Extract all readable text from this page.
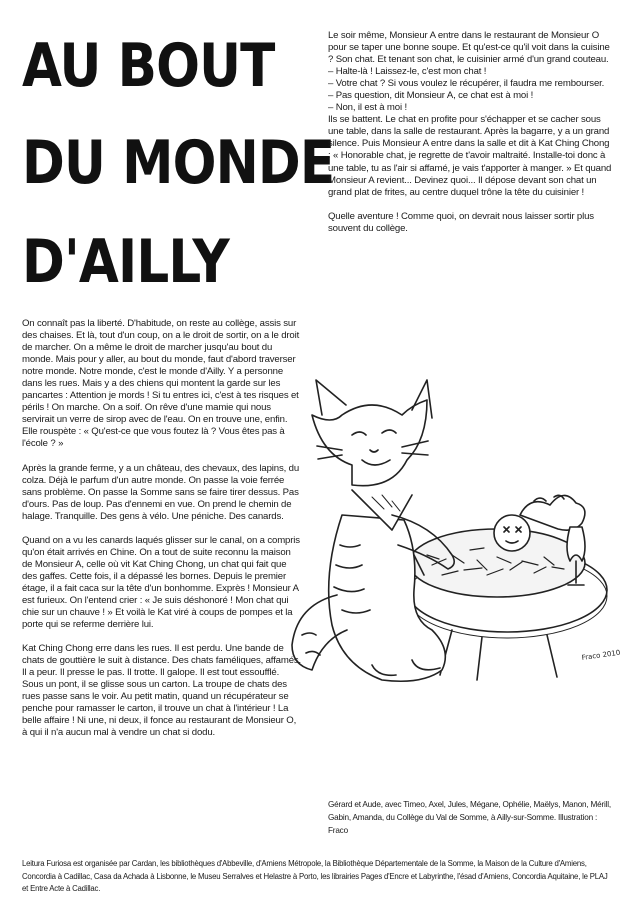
AU BOUT
DU MONDE
D'AILLY

Le soir même, Monsieur A entre dans le restaurant de Monsieur O pour se taper une bonne soupe. Et qu'est-ce qu'il voit dans la cuisine ? Son chat. Et tenant son chat, le cuisinier armé d'un grand couteau.
– Halte-là ! Laissez-le, c'est mon chat !
– Votre chat ? Si vous voulez le récupérer, il faudra me rembourser.
– Pas question, dit Monsieur A, ce chat est à moi !
– Non, il est à moi !
Ils se battent. Le chat en profite pour s'échapper et se cacher sous une table, dans la salle de restaurant. Après la bagarre, y a un grand silence. Puis Monsieur A entre dans la salle et dit à Kat Ching Chong : « Honorable chat, je regrette de t'avoir maltraité. Installe-toi donc à une table, tu as l'air si affamé, je vais t'apporter à manger. » Et quand Monsieur A revient... Devinez quoi... Il dépose devant son chat un grand plat de frites, au centre duquel trône la tête du cuisinier !

Quelle aventure ! Comme quoi, on devrait nous laisser sortir plus souvent du collège.

On connaît pas la liberté. D'habitude, on reste au collège, assis sur des chaises. Et là, tout d'un coup, on a le droit de sortir, on a le droit de marcher. On a même le droit de marcher jusqu'au bout du monde. Mais pour y aller, au bout du monde, faut d'abord traverser notre monde. Notre monde, c'est le monde d'Ailly. Y a personne dans les rues. Mais y a des chiens qui montent la garde sur les pancartes : Attention je mords ! Si tu entres ici, c'est à tes risques et périls ! On marche. On a soif. On rêve d'une mamie qui nous servirait un verre de sirop avec de l'eau. On en trouve une, enfin. Elle rouspète : « Qu'est-ce que vous foutez là ? Vous êtes pas à l'école ? »

Après la grande ferme, y a un château, des chevaux, des lapins, du colza. Déjà le parfum d'un autre monde. On passe la voie ferrée sans problème. On passe la Somme sans se faire tirer dessus. Pas d'ours. Pas de loup. Pas d'ennemi en vue. On prend le chemin de halage. Tranquille. Des gens à vélo. Une péniche. Des canards.

Quand on a vu les canards laqués glisser sur le canal, on a compris qu'on était arrivés en Chine. On a tout de suite reconnu la maison de Monsieur A, celle où vit Kat Ching Chong, un chat qui fait que des gaffes. Cette fois, il a dépassé les bornes. Depuis le premier étage, il a fait caca sur la tête d'un bonhomme. Exprès ! Monsieur A est furieux. On l'entend crier : « Je suis déshonoré ! Mon chat qui chie sur un chauve ! » Et voilà le Kat viré à coups de pompes et la porte qui se referme derrière lui.

Kat Ching Chong erre dans les rues. Il est perdu. Une bande de chats de gouttière le suit à distance. Des chats faméliques, affamés. Il a peur. Il presse le pas. Il trotte. Il galope. Il est tout essoufflé. Sous un pont, il se glisse sous un carton. La troupe de chats des rues passe sans le voir. Au petit matin, quand un récupérateur se penche pour ramasser le carton, il trouve un chat à l'intérieur ! La belle affaire ! Ni une, ni deux, il fonce au restaurant de Monsieur O, à qui il n'a aucun mal à vendre un chat si dodu.

Fraco 2010
Gérard et Aude, avec Timeo, Axel, Jules, Mégane, Ophélie, Maëlys, Manon, Mérill, Gabin, Amanda, du Collège du Val de Somme, à Ailly-sur-Somme. Illustration : Fraco
Leitura Furiosa est organisée par Cardan, les bibliothèques d'Abbeville, d'Amiens Métropole, la Bibliothèque Départementale de la Somme, la Maison de la Culture d'Amiens, Concordia à Cadillac, Casa da Achada à Lisbonne, le Museu Serralves et Helastre à Porto, les librairies Pages d'Encre et Labyrinthe, l'ésad d'Amiens, Concordia Aquitaine, le PLAJ et Entre Acte à Cadillac.
